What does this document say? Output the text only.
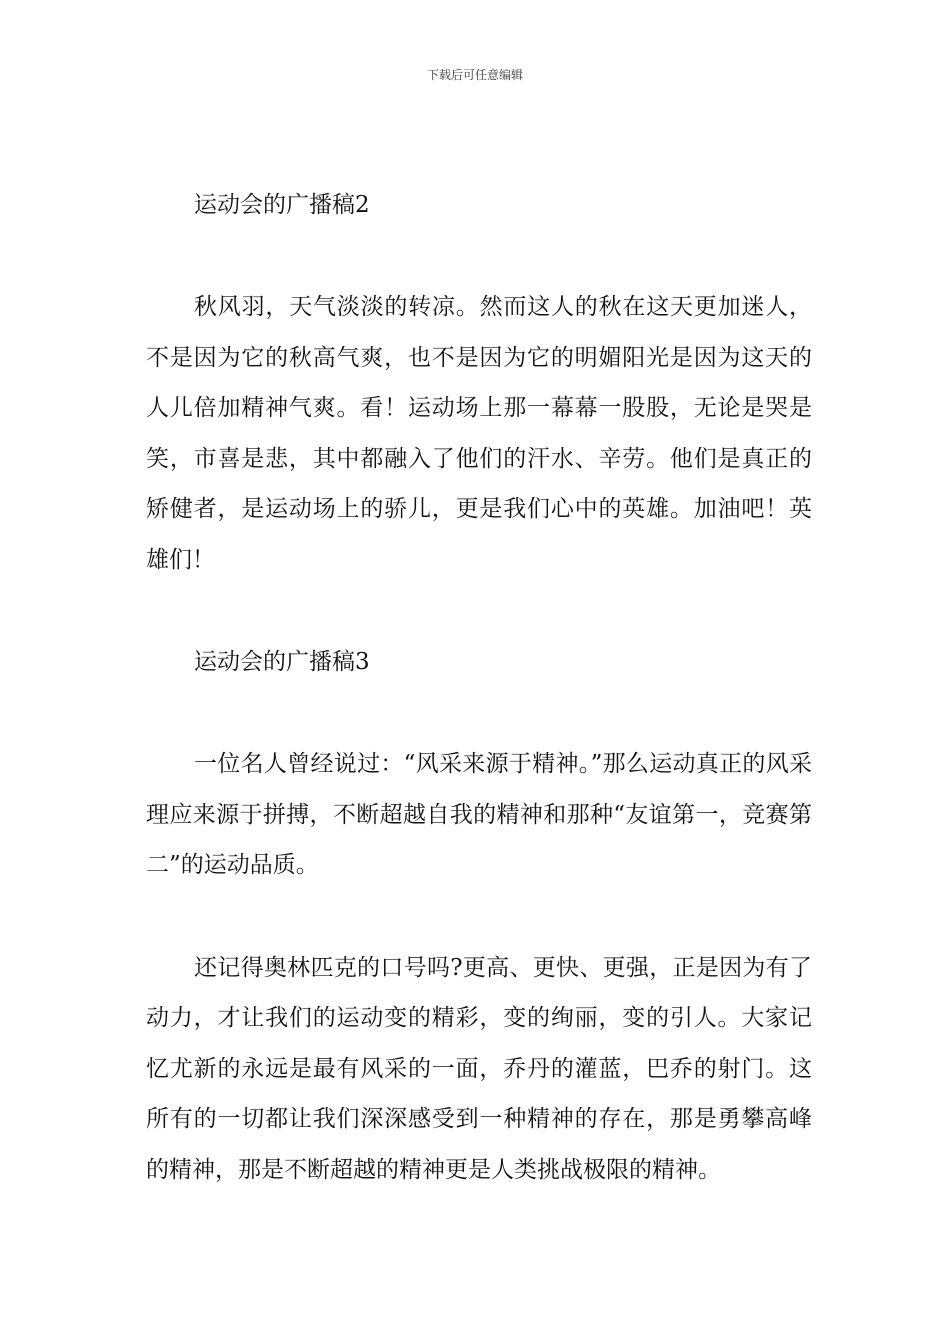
下载后可任意编辑

运动会的广播稿2

秋风羽，天气淡淡的转凉。然而这人的秋在这天更加迷人，不是因为它的秋高气爽，也不是因为它的明媚阳光是因为这天的人儿倍加精神气爽。看！运动场上那一幕幕一股股，无论是哭是笑，市喜是悲，其中都融入了他们的汗水、辛劳。他们是真正的矫健者，是运动场上的骄儿，更是我们心中的英雄。加油吧！英雄们！

运动会的广播稿3

一位名人曾经说过：“风采来源于精神。”那么运动真正的风采理应来源于拼搏，不断超越自我的精神和那种“友谊第一，竞赛第二”的运动品质。

还记得奥林匹克的口号吗?更高、更快、更强，正是因为有了动力，才让我们的运动变的精彩，变的绚丽，变的引人。大家记忆尤新的永远是最有风采的一面，乔丹的灌蓝，巴乔的射门。这所有的一切都让我们深深感受到一种精神的存在，那是勇攀高峰的精神，那是不断超越的精神更是人类挑战极限的精神。
